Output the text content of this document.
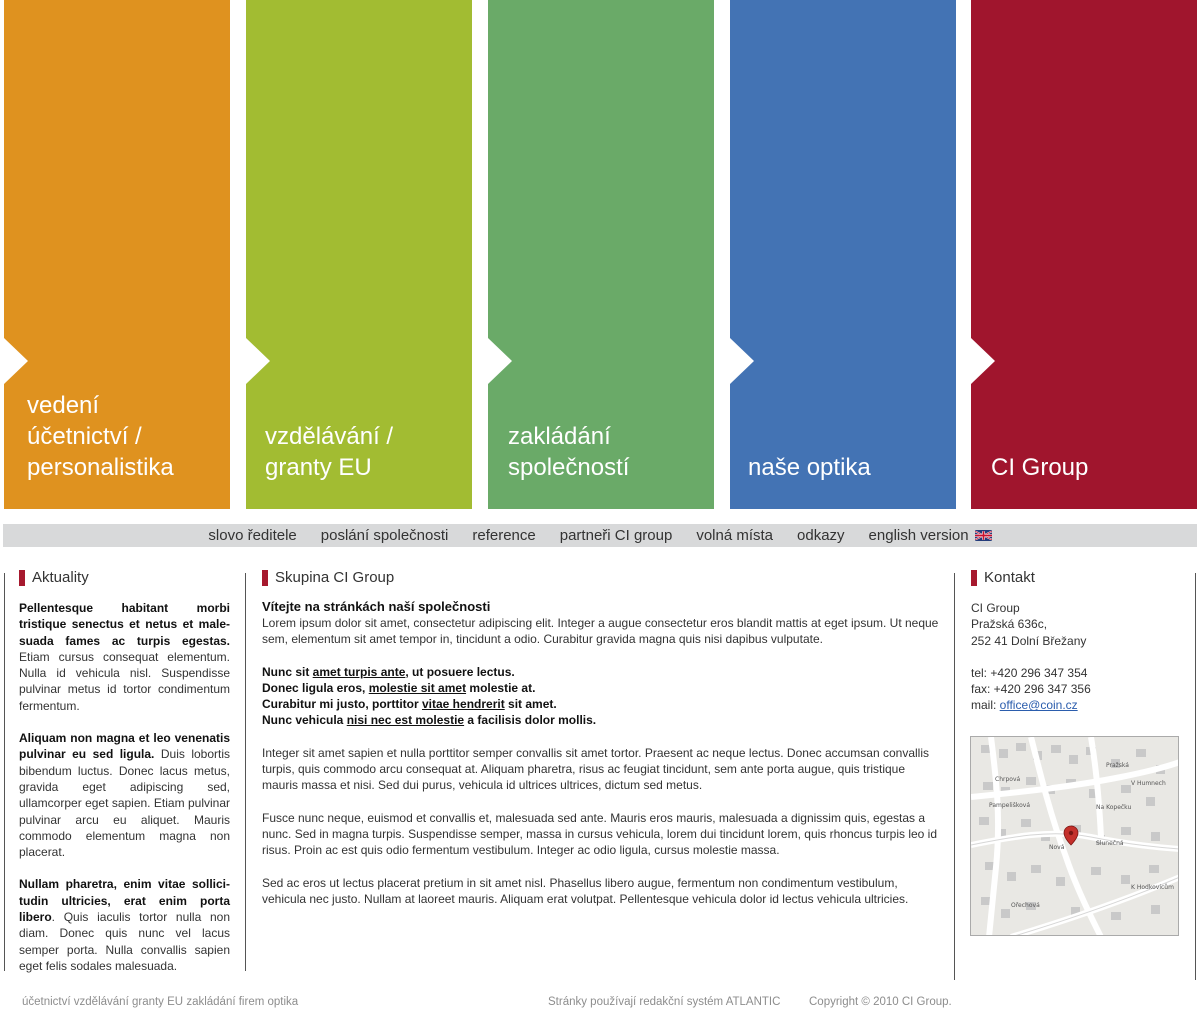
vedení
účetnictví /
personalistika
vzdělávání /
granty EU
zakládání
společností	naše optika	CI Group
slovo ředitele	poslání společnosti	reference	partneři CI group	volná místa	odkazy	english version
Aktuality

Pellentesque habitant morbi tristique senectus et netus et male-suada fames ac turpis egestas. Etiam cursus consequat elementum. Nulla id vehicula nisl. Suspendisse pulvinar metus id tortor condimentum fermentum.

Aliquam non magna et leo venenatis pulvinar eu sed ligula. Duis lobortis bibendum luctus. Donec lacus metus, gravida eget adipiscing sed, ullamcorper eget sapien. Etiam pulvinar pulvinar arcu eu aliquet. Mauris commodo elementum magna non placerat.

Nullam pharetra, enim vitae sollici-tudin ultricies, erat enim porta libero. Quis iaculis tortor nulla non diam. Donec quis nunc vel lacus semper porta. Nulla convallis sapien eget felis sodales malesuada.

Skupina CI Group
Vítejte na stránkách naší společnosti

Lorem ipsum dolor sit amet, consectetur adipiscing elit. Integer a augue consectetur eros blandit mattis at eget ipsum. Ut neque sem, elementum sit amet tempor in, tincidunt a odio. Curabitur gravida magna quis nisi dapibus vulputate.

Nunc sit amet turpis ante, ut posuere lectus.
Donec ligula eros, molestie sit amet molestie at.
Curabitur mi justo, porttitor vitae hendrerit sit amet.
Nunc vehicula nisi nec est molestie a facilisis dolor mollis.

Integer sit amet sapien et nulla porttitor semper convallis sit amet tortor. Praesent ac neque lectus. Donec accumsan convallis turpis, quis commodo arcu consequat at. Aliquam pharetra, risus ac feugiat tincidunt, sem ante porta augue, quis tristique mauris massa et nisi. Sed dui purus, vehicula id ultrices ultrices, dictum sed metus.

Fusce nunc neque, euismod et convallis et, malesuada sed ante. Mauris eros mauris, malesuada a dignissim quis, egestas a nunc. Sed in magna turpis. Suspendisse semper, massa in cursus vehicula, lorem dui tincidunt lorem, quis rhoncus turpis leo id risus. Proin ac est quis odio fermentum vestibulum. Integer ac odio ligula, cursus molestie massa.

Sed ac eros ut lectus placerat pretium in sit amet nisl. Phasellus libero augue, fermentum non condimentum vestibulum, vehicula nec justo. Nullam at laoreet mauris. Aliquam erat volutpat. Pellentesque vehicula dolor id lectus vehicula ultricies.

Kontakt

CI Group
Pražská 636c,
252 41 Dolní Břežany

tel: +420 296 347 354
fax: +420 296 347 356
mail: office@coin.cz

Chrpová
Pampelišková	Na Kopečku
Slunečná
Nová
Ořechová
K Hodkovicům
Pražská
V Humnech
účetnictví vzdělávání granty EU zakládání firem optika	Stránky používají redakční systém ATLANTIC Copyright © 2010 CI Group.
